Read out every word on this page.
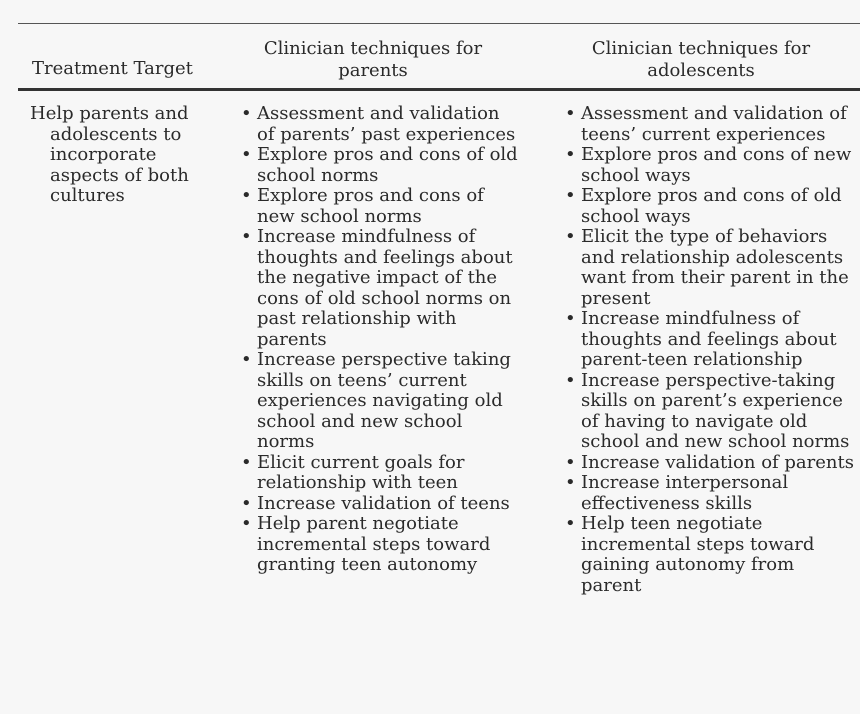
Treatment Target
Clinician techniques for
parents
Clinician techniques for
adolescents
Help parents and adolescents to incorporate aspects of both cultures
• Assessment and validation of parents’ past experiences
• Explore pros and cons of old school norms
• Explore pros and cons of new school norms
• Increase mindfulness of thoughts and feelings about the negative impact of the cons of old school norms on past relationship with parents
• Increase perspective taking skills on teens’ current experiences navigating old school and new school norms
• Elicit current goals for relationship with teen
• Increase validation of teens
• Help parent negotiate incremental steps toward granting teen autonomy
• Assessment and validation of teens’ current experiences
• Explore pros and cons of new school ways
• Explore pros and cons of old school ways
• Elicit the type of behaviors and relationship adolescents want from their parent in the present
• Increase mindfulness of thoughts and feelings about parent-teen relationship
• Increase perspective-taking skills on parent’s experience of having to navigate old school and new school norms
• Increase validation of parents
• Increase interpersonal effectiveness skills
• Help teen negotiate incremental steps toward gaining autonomy from parent
